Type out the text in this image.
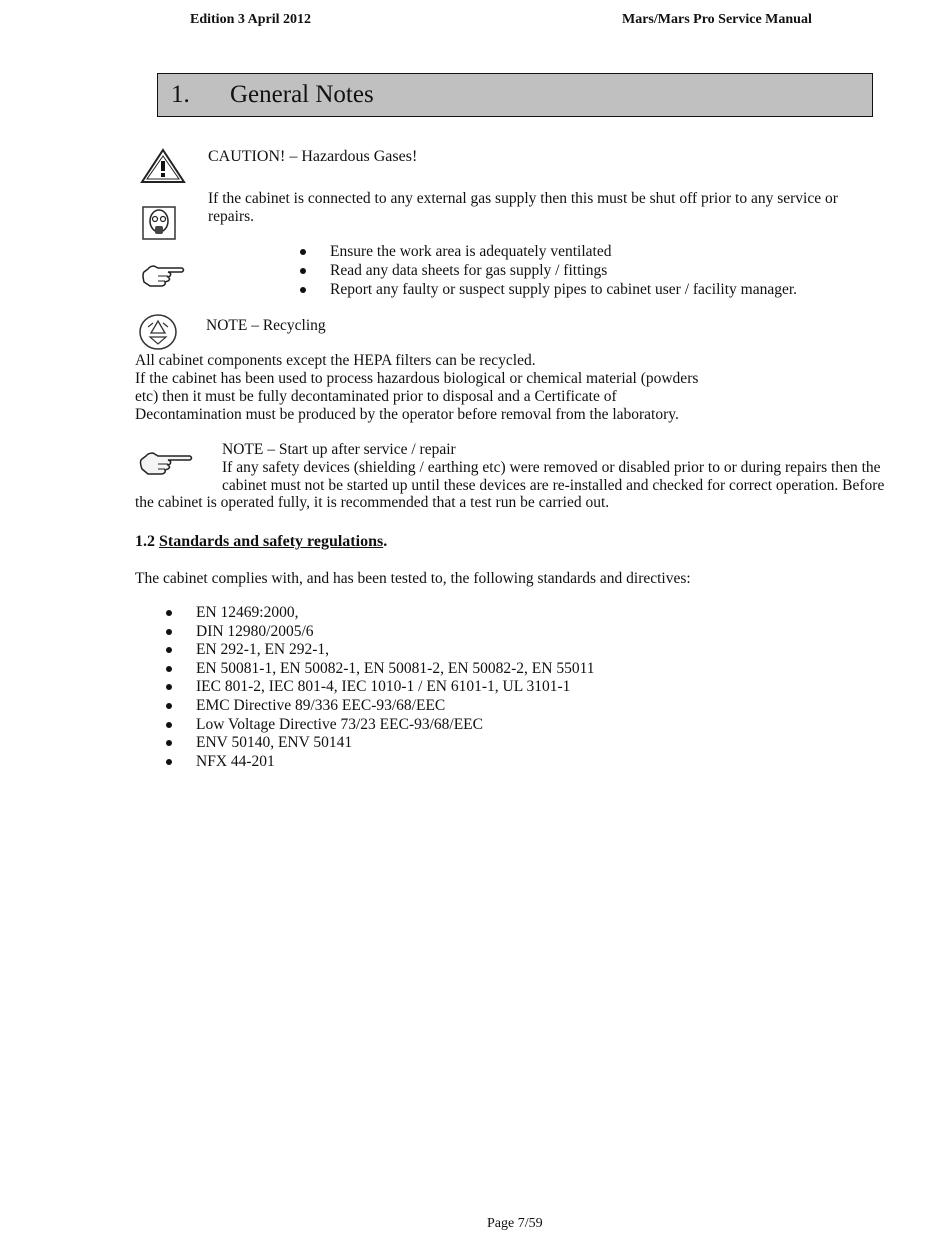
Edition 3 April 2012	Mars/Mars Pro Service Manual
1. General Notes
CAUTION! – Hazardous Gases!
If the cabinet is connected to any external gas supply then this must be shut off prior to any service or repairs.
Ensure the work area is adequately ventilated
Read any data sheets for gas supply / fittings
Report any faulty or suspect supply pipes to cabinet user / facility manager.
NOTE – Recycling
All cabinet components except the HEPA filters can be recycled.
If the cabinet has been used to process hazardous biological or chemical material (powders
etc) then it must be fully decontaminated prior to disposal and a Certificate of
Decontamination must be produced by the operator before removal from the laboratory.
NOTE – Start up after service / repair
If any safety devices (shielding / earthing etc) were removed or disabled prior to or during repairs then the
cabinet must not be started up until these devices are re-installed and checked for correct operation. Before
the cabinet is operated fully, it is recommended that a test run be carried out.
1.2 Standards and safety regulations.
The cabinet complies with, and has been tested to, the following standards and directives:
EN 12469:2000,
DIN 12980/2005/6
EN 292-1, EN 292-1,
EN 50081-1, EN 50082-1, EN 50081-2, EN 50082-2, EN 55011
IEC 801-2, IEC 801-4, IEC 1010-1 / EN 6101-1, UL 3101-1
EMC Directive 89/336 EEC-93/68/EEC
Low Voltage Directive 73/23 EEC-93/68/EEC
ENV 50140, ENV 50141
NFX 44-201
Page 7/59
